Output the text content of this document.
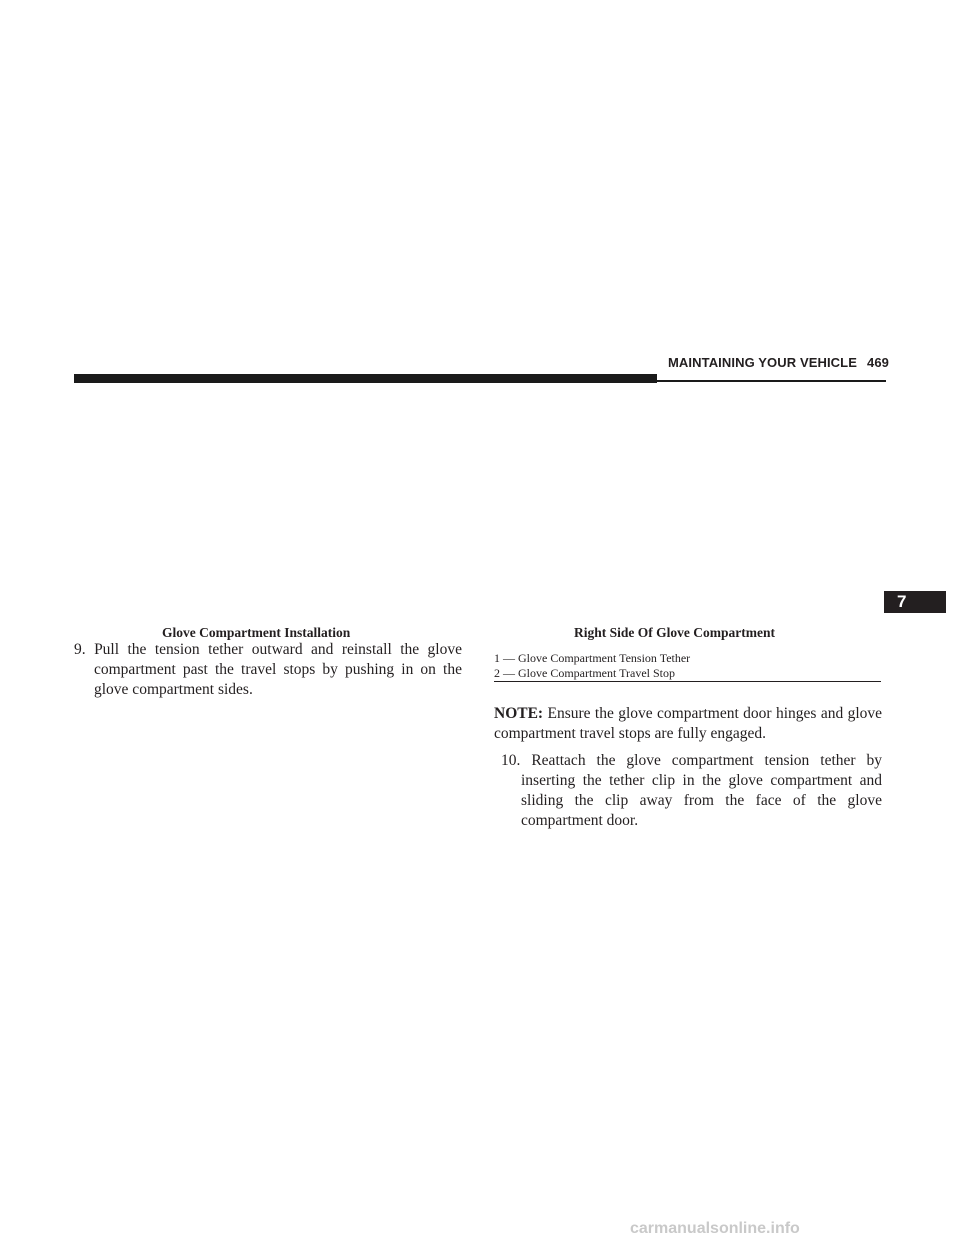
MAINTAINING YOUR VEHICLE 469
7
Glove Compartment Installation	Right Side Of Glove Compartment
1 — Glove Compartment Tension Tether
2 — Glove Compartment Travel Stop
9. Pull the tension tether outward and reinstall the glove compartment past the travel stops by pushing in on the glove compartment sides.
NOTE: Ensure the glove compartment door hinges and glove compartment travel stops are fully engaged.
10. Reattach the glove compartment tension tether by inserting the tether clip in the glove compartment and sliding the clip away from the face of the glove compartment door.
carmanualsonline.info
